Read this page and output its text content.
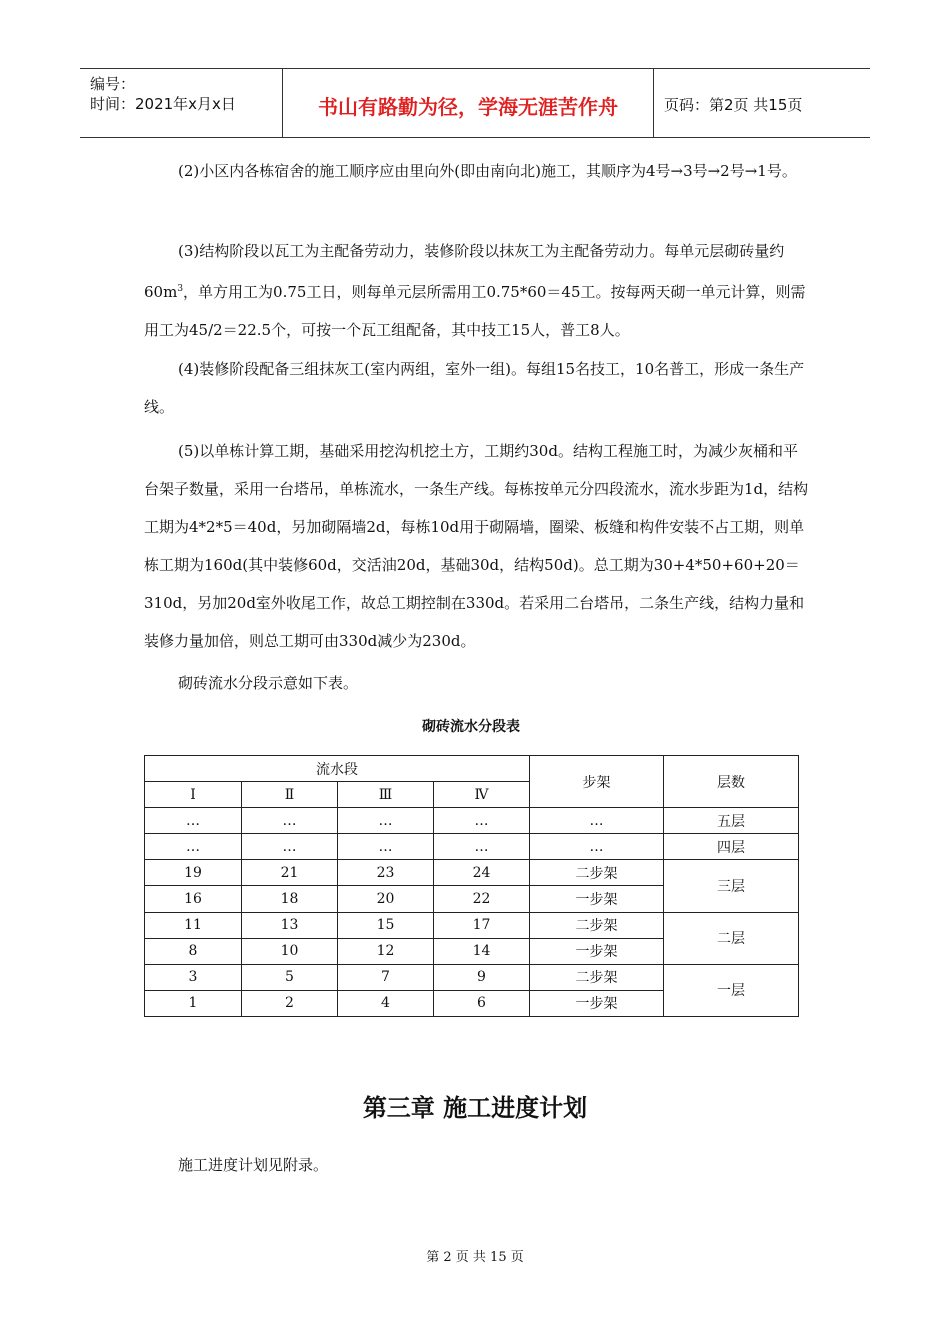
编号：
时间：2021年x月x日	书山有路勤为径，学海无涯苦作舟	页码：第2页 共15页
(2)小区内各栋宿舍的施工顺序应由里向外(即由南向北)施工，其顺序为4号→3号→2号→1号。
(3)结构阶段以瓦工为主配备劳动力，装修阶段以抹灰工为主配备劳动力。每单元层砌砖量约$60m^3$，单方用工为0.75工日，则每单元层所需用工0.75*60＝45工。按每两天砌一单元计算，则需用工为45/2＝22.5个，可按一个瓦工组配备，其中技工15人，普工8人。
(4)装修阶段配备三组抹灰工(室内两组，室外一组)。每组15名技工，10名普工，形成一条生产线。
(5)以单栋计算工期，基础采用挖沟机挖土方，工期约30d。结构工程施工时，为减少灰桶和平台架子数量，采用一台塔吊，单栋流水，一条生产线。每栋按单元分四段流水，流水步距为1d，结构工期为4*2*5＝40d，另加砌隔墙2d，每栋10d用于砌隔墙，圈梁、板缝和构件安装不占工期，则单栋工期为160d(其中装修60d，交活油20d，基础30d，结构50d)。总工期为30+4*50+60+20＝310d，另加20d室外收尾工作，故总工期控制在330d。若采用二台塔吊，二条生产线，结构力量和装修力量加倍，则总工期可由330d减少为230d。
砌砖流水分段示意如下表。
砌砖流水分段表
流水段				步架	层数
Ⅰ	Ⅱ	Ⅲ	Ⅳ		
…	…	…	…	…	五层
…	…	…	…	…	四层
19	21	23	24	二步架	三层
16	18	20	22	一步架	
11	13	15	17	二步架	二层
8	10	12	14	一步架	
3	5	7	9	二步架	一层
1	2	4	6	一步架	
第三章 施工进度计划
施工进度计划见附录。
第 2 页 共 15 页
